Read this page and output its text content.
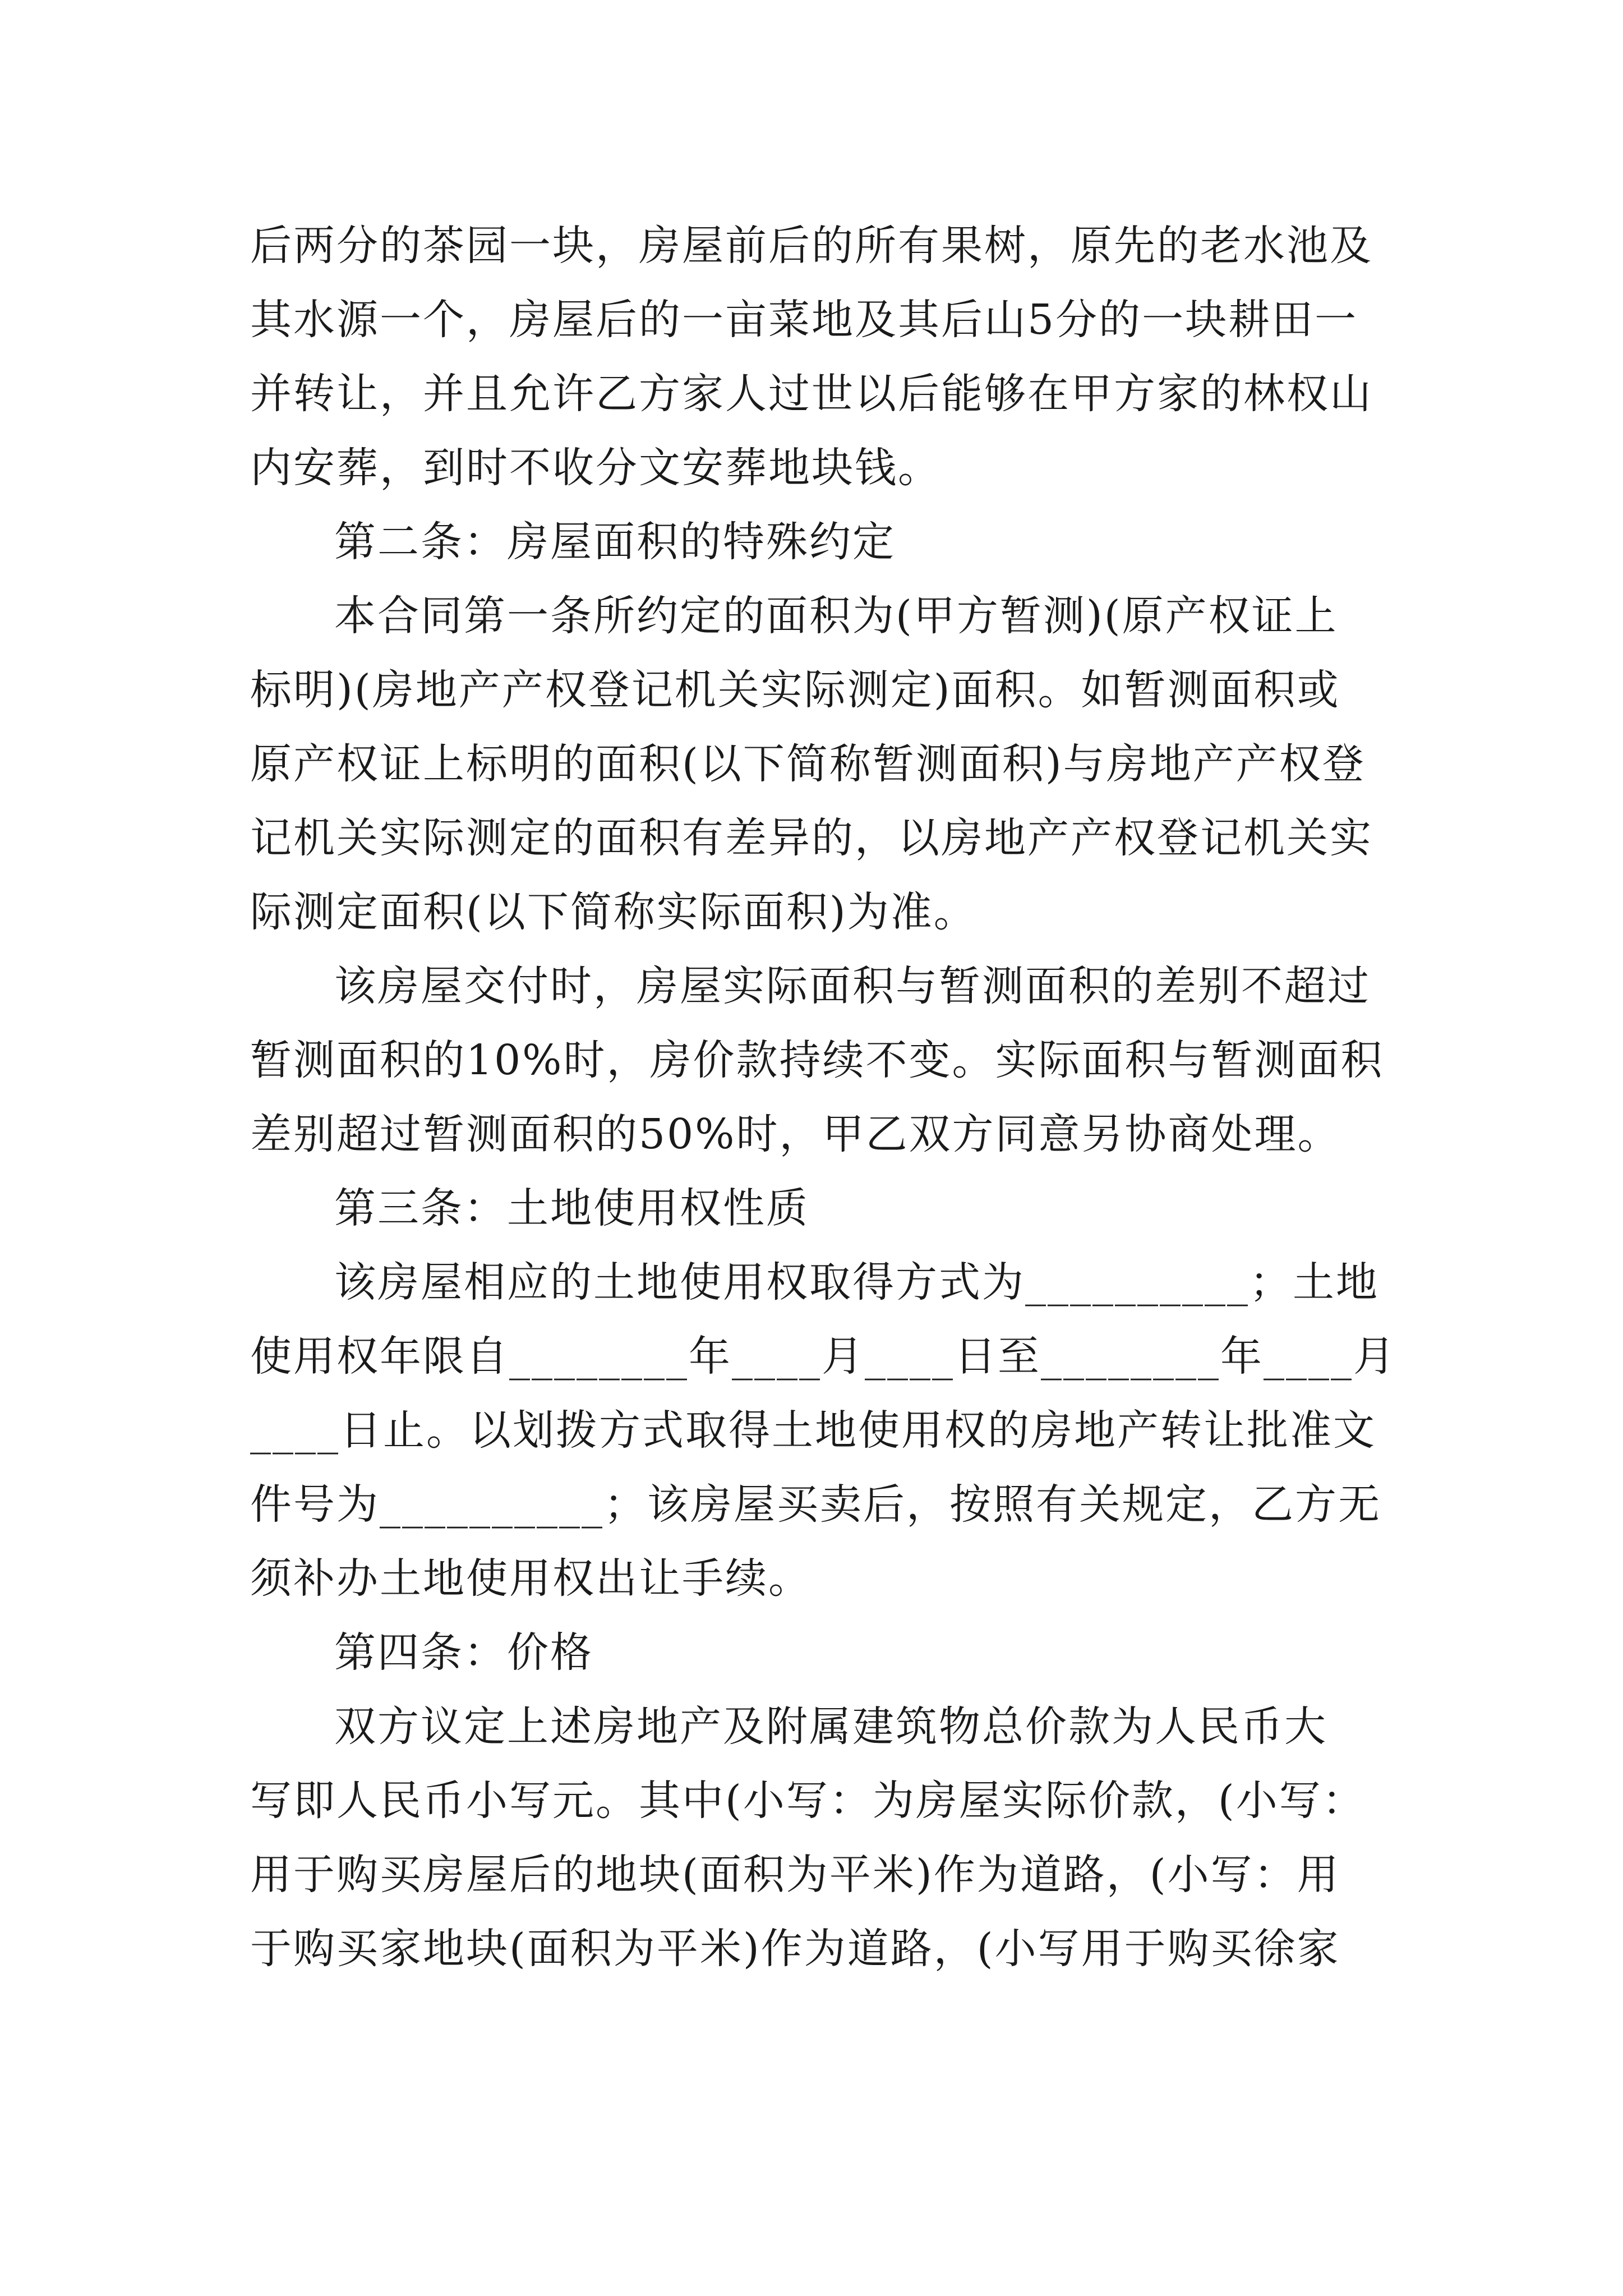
后两分的茶园一块，房屋前后的所有果树，原先的老水池及
其水源一个，房屋后的一亩菜地及其后山5分的一块耕田一
并转让，并且允许乙方家人过世以后能够在甲方家的林权山
内安葬，到时不收分文安葬地块钱。
第二条：房屋面积的特殊约定
本合同第一条所约定的面积为(甲方暂测)(原产权证上
标明)(房地产产权登记机关实际测定)面积。如暂测面积或
原产权证上标明的面积(以下简称暂测面积)与房地产产权登
记机关实际测定的面积有差异的，以房地产产权登记机关实
际测定面积(以下简称实际面积)为准。
该房屋交付时，房屋实际面积与暂测面积的差别不超过
暂测面积的10%时，房价款持续不变。实际面积与暂测面积
差别超过暂测面积的50%时，甲乙双方同意另协商处理。
第三条：土地使用权性质
该房屋相应的土地使用权取得方式为__________；土地
使用权年限自________年____月____日至________年____月
____日止。以划拨方式取得土地使用权的房地产转让批准文
件号为__________；该房屋买卖后，按照有关规定，乙方无
须补办土地使用权出让手续。
第四条：价格
双方议定上述房地产及附属建筑物总价款为人民币大
写即人民币小写元。其中(小写：为房屋实际价款，(小写：
用于购买房屋后的地块(面积为平米)作为道路，(小写：用
于购买家地块(面积为平米)作为道路，(小写用于购买徐家
